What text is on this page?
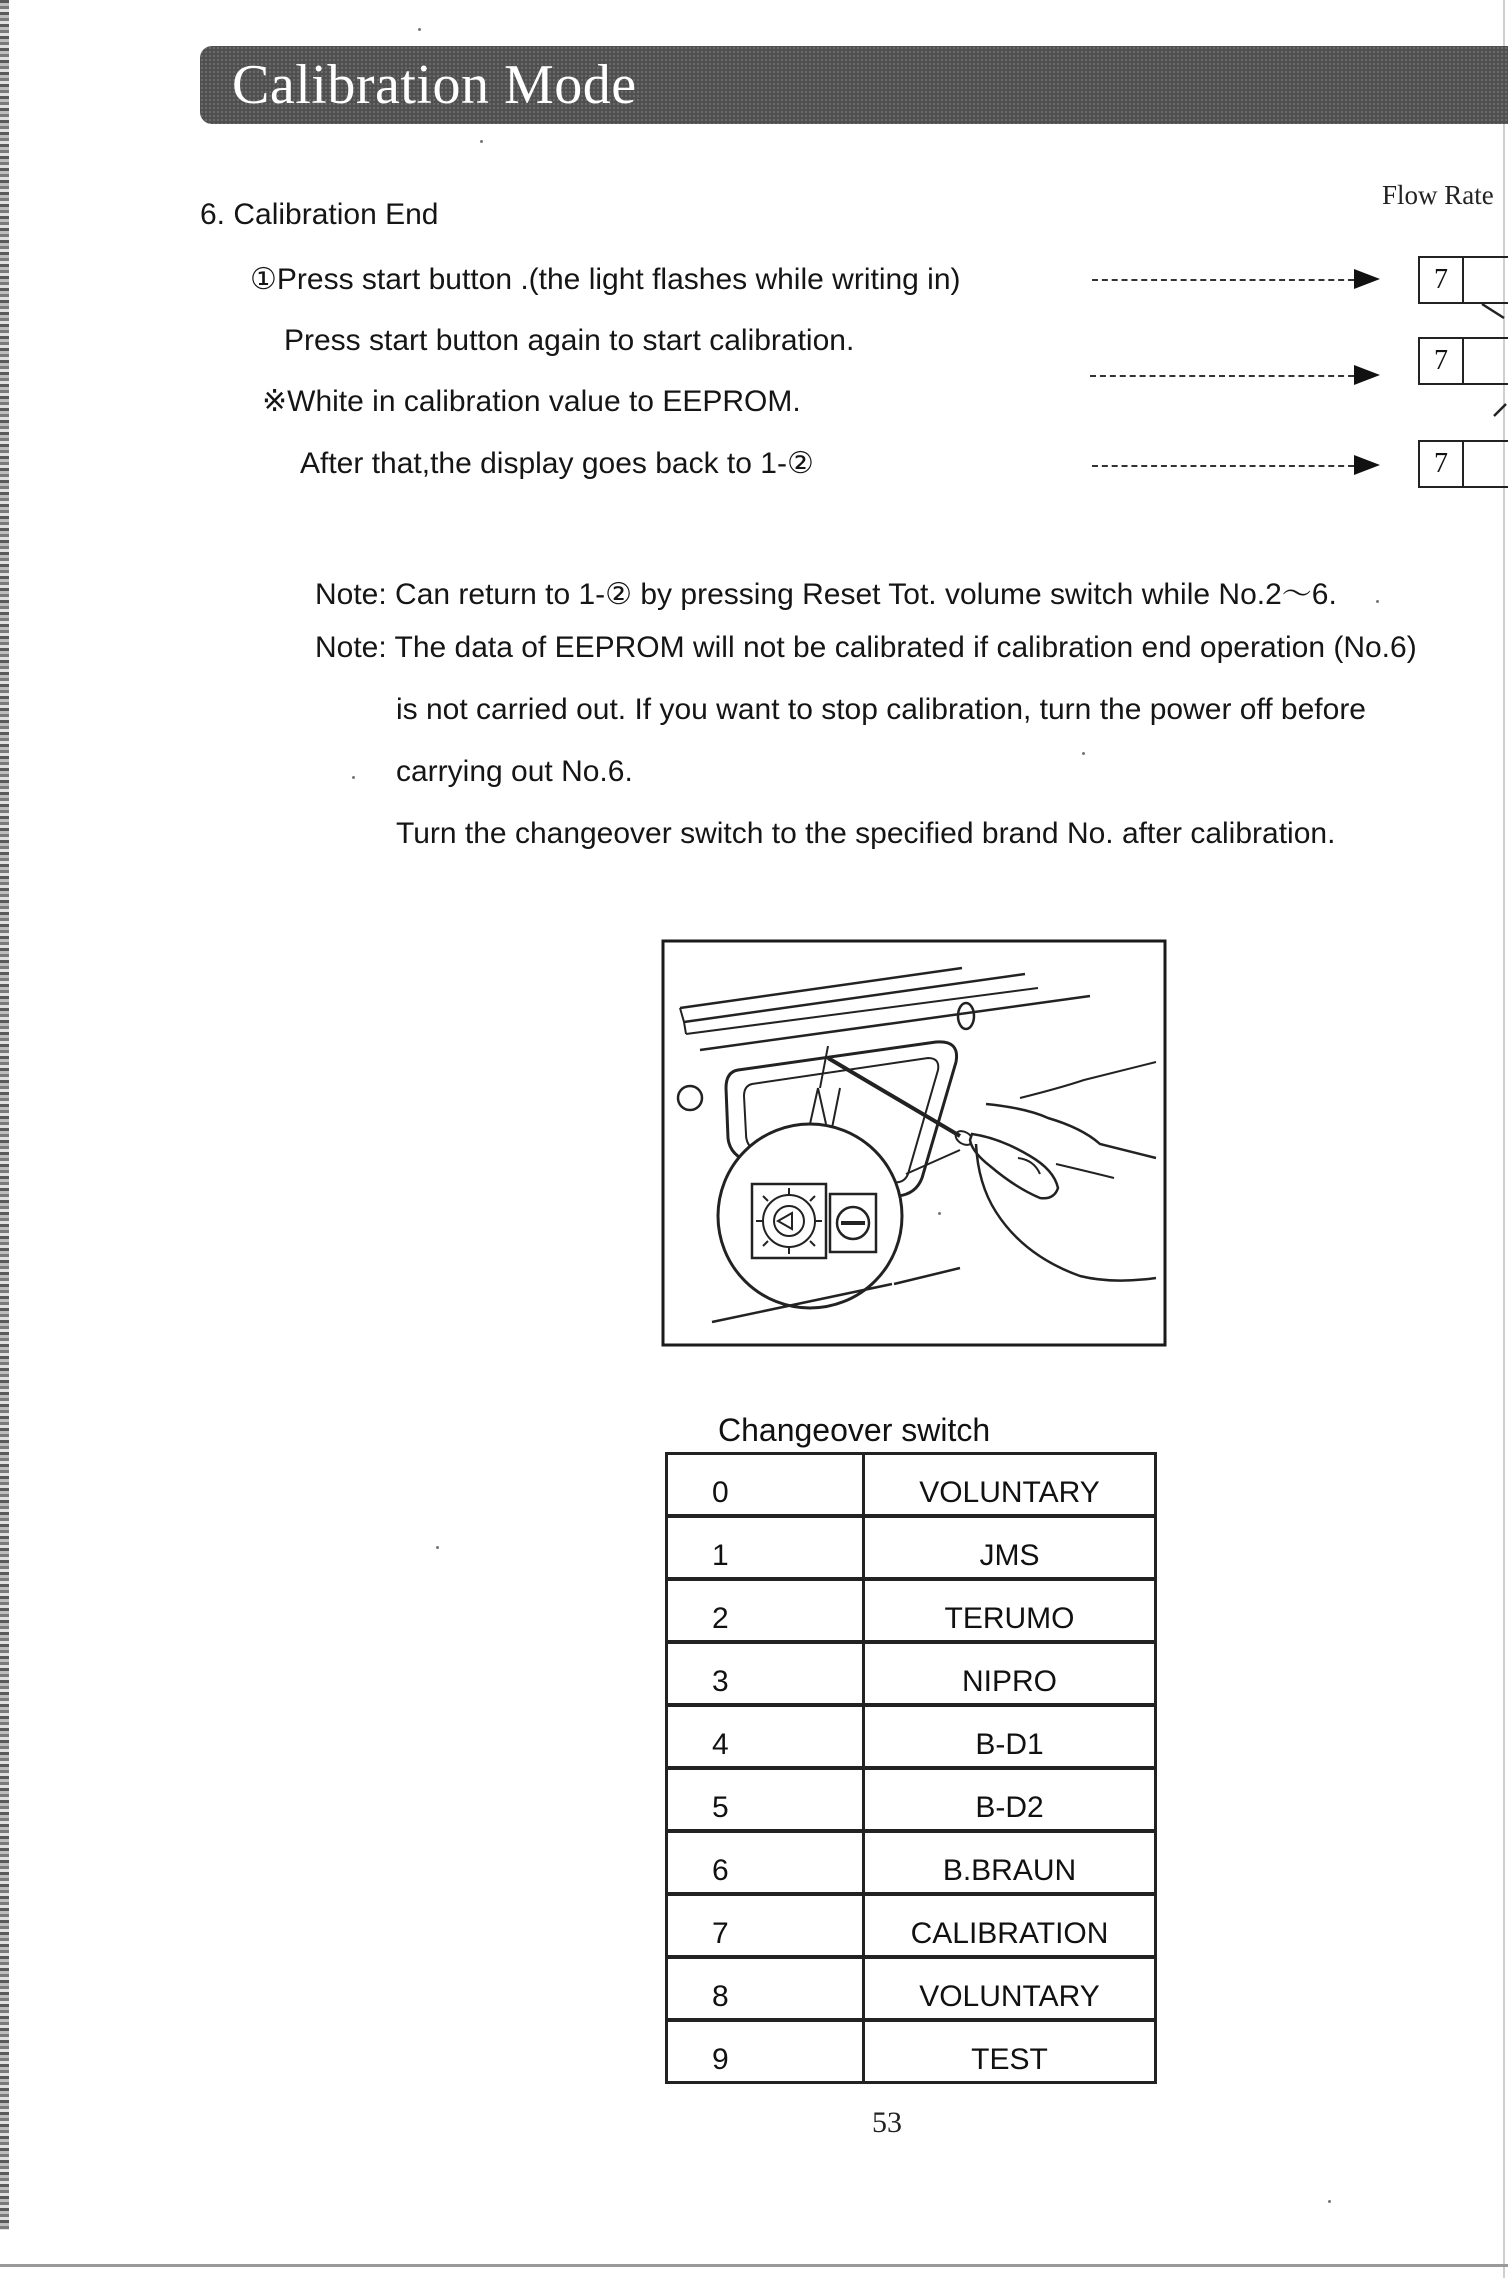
Calibration Mode
Flow Rate
6. Calibration End
①Press start button .(the light flashes while writing in)
Press start button again to start calibration.
※White in calibration value to EEPROM.
After that,the display goes back to 1-②
7
7
7
Note: Can return to 1-② by pressing Reset Tot. volume switch while No.2〜6.
Note: The data of EEPROM will not be calibrated if calibration end operation (No.6)
is not carried out. If you want to stop calibration, turn the power off before
carrying out No.6.
Turn the changeover switch to the specified brand No. after calibration.
Changeover switch
0	VOLUNTARY
1	JMS
2	TERUMO
3	NIPRO
4	B-D1
5	B-D2
6	B.BRAUN
7	CALIBRATION
8	VOLUNTARY
9	TEST
53
